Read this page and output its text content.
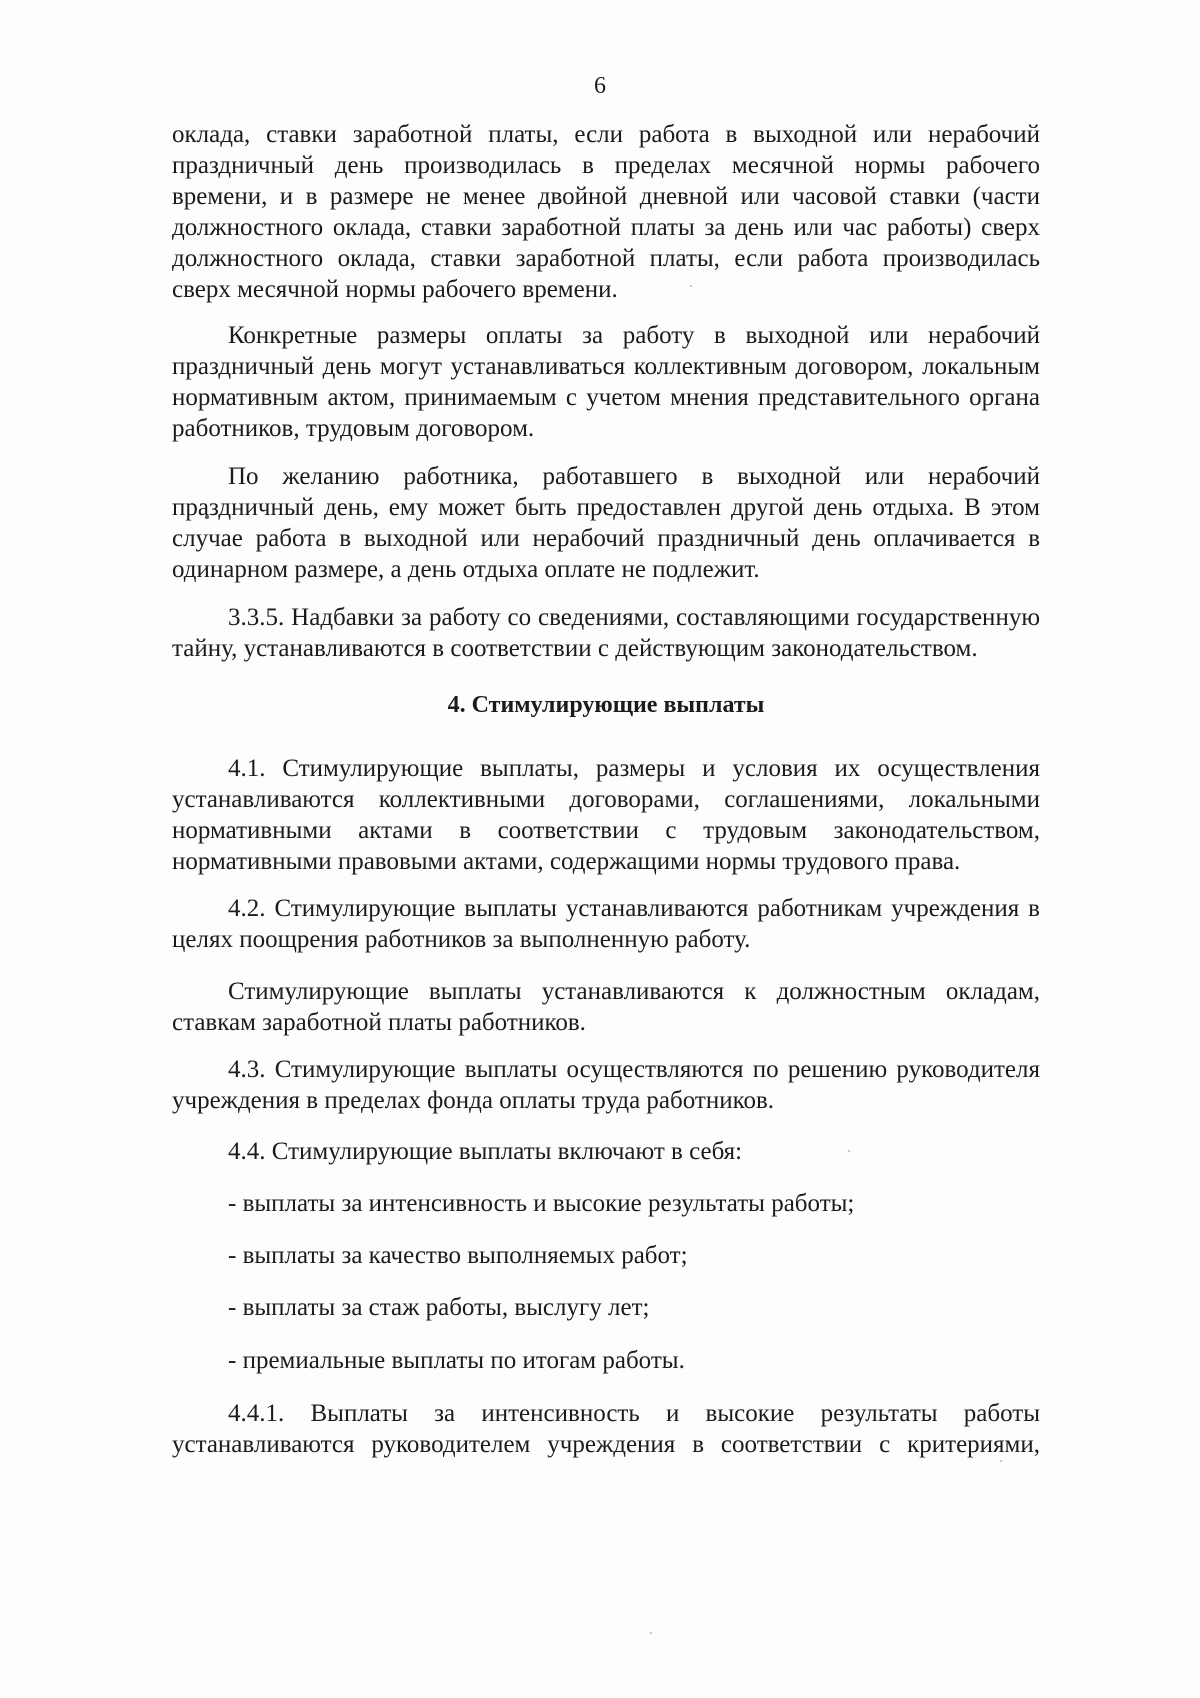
6

оклада, ставки заработной платы, если работа в выходной или нерабочий праздничный день производилась в пределах месячной нормы рабочего времени, и в размере не менее двойной дневной или часовой ставки (части должностного оклада, ставки заработной платы за день или час работы) сверх должностного оклада, ставки заработной платы, если работа производилась сверх месячной нормы рабочего времени.

Конкретные размеры оплаты за работу в выходной или нерабочий праздничный день могут устанавливаться коллективным договором, локальным нормативным актом, принимаемым с учетом мнения представительного органа работников, трудовым договором.

По желанию работника, работавшего в выходной или нерабочий праздничный день, ему может быть предоставлен другой день отдыха. В этом случае работа в выходной или нерабочий праздничный день оплачивается в одинарном размере, а день отдыха оплате не подлежит.

3.3.5. Надбавки за работу со сведениями, составляющими государственную тайну, устанавливаются в соответствии с действующим законодательством.

4. Стимулирующие выплаты

4.1. Стимулирующие выплаты, размеры и условия их осуществления устанавливаются коллективными договорами, соглашениями, локальными нормативными актами в соответствии с трудовым законодательством, нормативными правовыми актами, содержащими нормы трудового права.

4.2. Стимулирующие выплаты устанавливаются работникам учреждения в целях поощрения работников за выполненную работу.

Стимулирующие выплаты устанавливаются к должностным окладам, ставкам заработной платы работников.

4.3. Стимулирующие выплаты осуществляются по решению руководителя учреждения в пределах фонда оплаты труда работников.

4.4. Стимулирующие выплаты включают в себя:

- выплаты за интенсивность и высокие результаты работы;
- выплаты за качество выполняемых работ;
- выплаты за стаж работы, выслугу лет;
- премиальные выплаты по итогам работы.

4.4.1. Выплаты за интенсивность и высокие результаты работы устанавливаются руководителем учреждения в соответствии с критериями,
